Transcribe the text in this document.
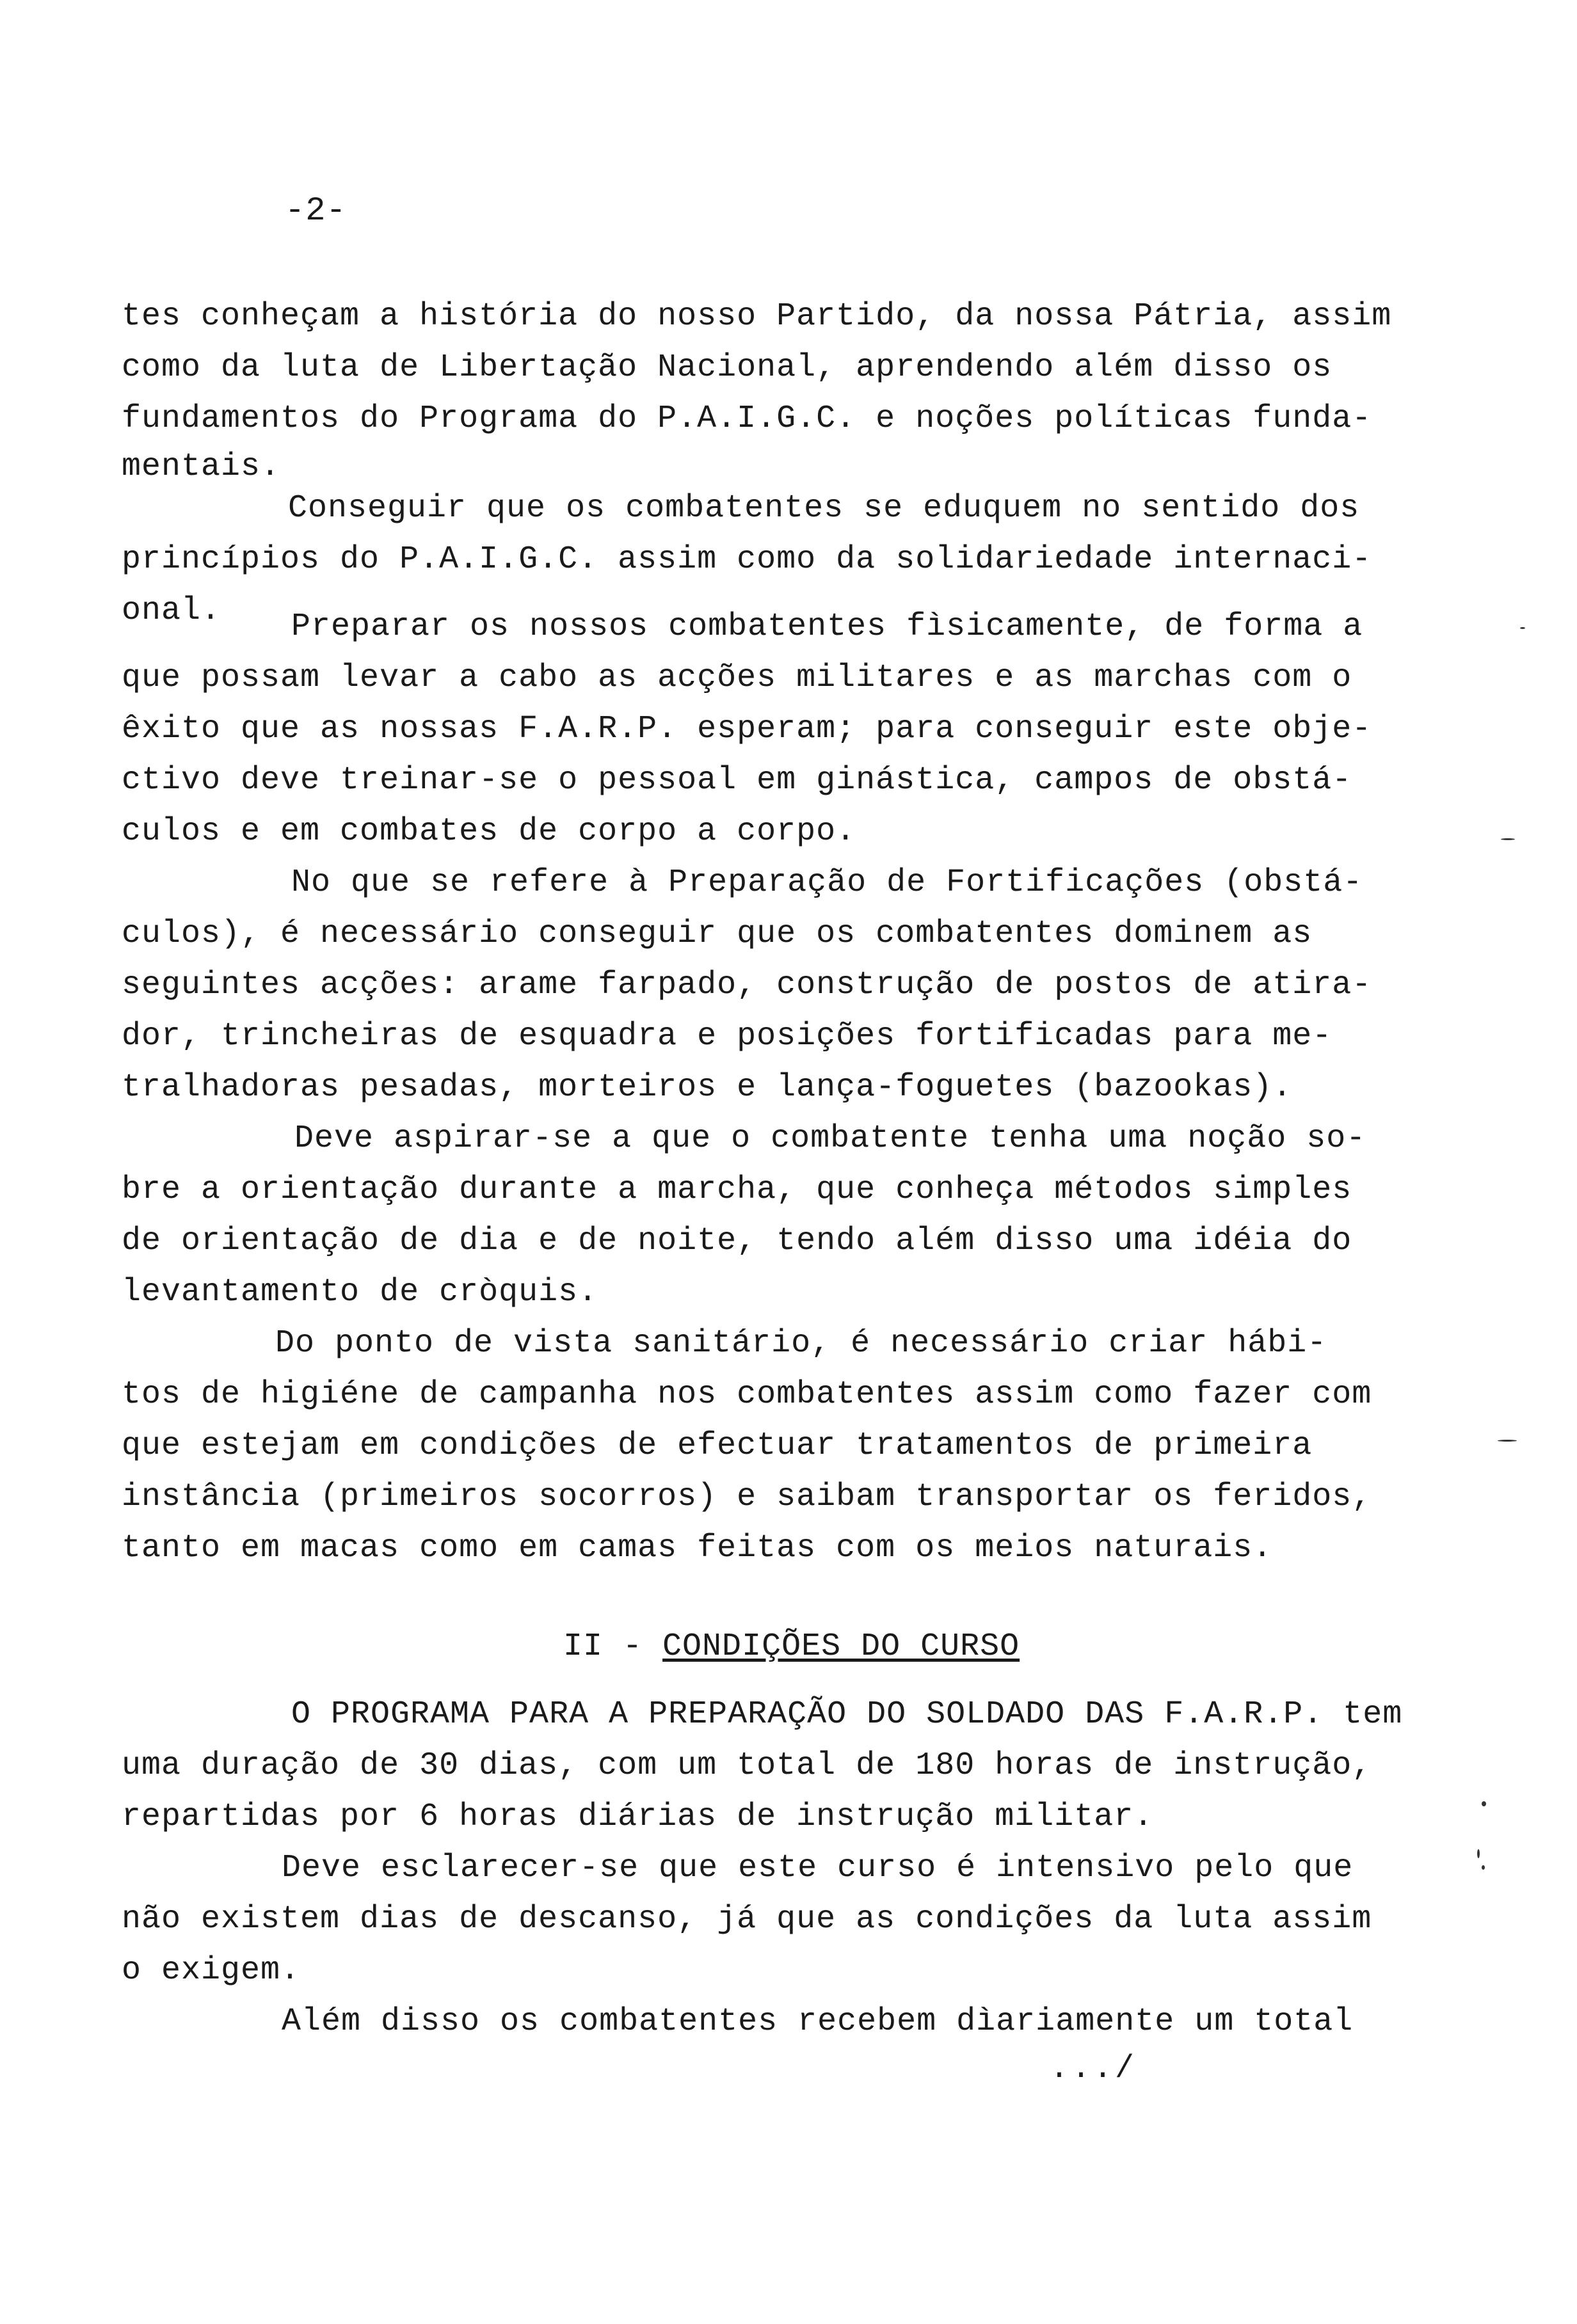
-2-
tes conheçam a história do nosso Partido, da nossa Pátria, assim
como da luta de Libertação Nacional, aprendendo além disso os
fundamentos do Programa do P.A.I.G.C. e noções políticas funda-
mentais.
Conseguir que os combatentes se eduquem no sentido dos
princípios do P.A.I.G.C. assim como da solidariedade internaci-
onal. Preparar os nossos combatentes fìsicamente, de forma a
que possam levar a cabo as acções militares e as marchas com o
êxito que as nossas F.A.R.P. esperam; para conseguir este obje-
ctivo deve treinar-se o pessoal em ginástica, campos de obstá-
culos e em combates de corpo a corpo.
No que se refere à Preparação de Fortificações (obstá-
culos), é necessário conseguir que os combatentes dominem as
seguintes acções: arame farpado, construção de postos de atira-
dor, trincheiras de esquadra e posições fortificadas para me-
tralhadoras pesadas, morteiros e lança-foguetes (bazookas).
Deve aspirar-se a que o combatente tenha uma noção so-
bre a orientação durante a marcha, que conheça métodos simples
de orientação de dia e de noite, tendo além disso uma idéia do
levantamento de cròquis.
Do ponto de vista sanitário, é necessário criar hábi-
tos de higiéne de campanha nos combatentes assim como fazer com
que estejam em condições de efectuar tratamentos de primeira
instância (primeiros socorros) e saibam transportar os feridos,
tanto em macas como em camas feitas com os meios naturais.
II - CONDIÇÕES DO CURSO
O PROGRAMA PARA A PREPARAÇÃO DO SOLDADO DAS F.A.R.P. tem
uma duração de 30 dias, com um total de 180 horas de instrução,
repartidas por 6 horas diárias de instrução militar.
Deve esclarecer-se que este curso é intensivo pelo que
não existem dias de descanso, já que as condições da luta assim
o exigem.
Além disso os combatentes recebem dìariamente um total
.../
